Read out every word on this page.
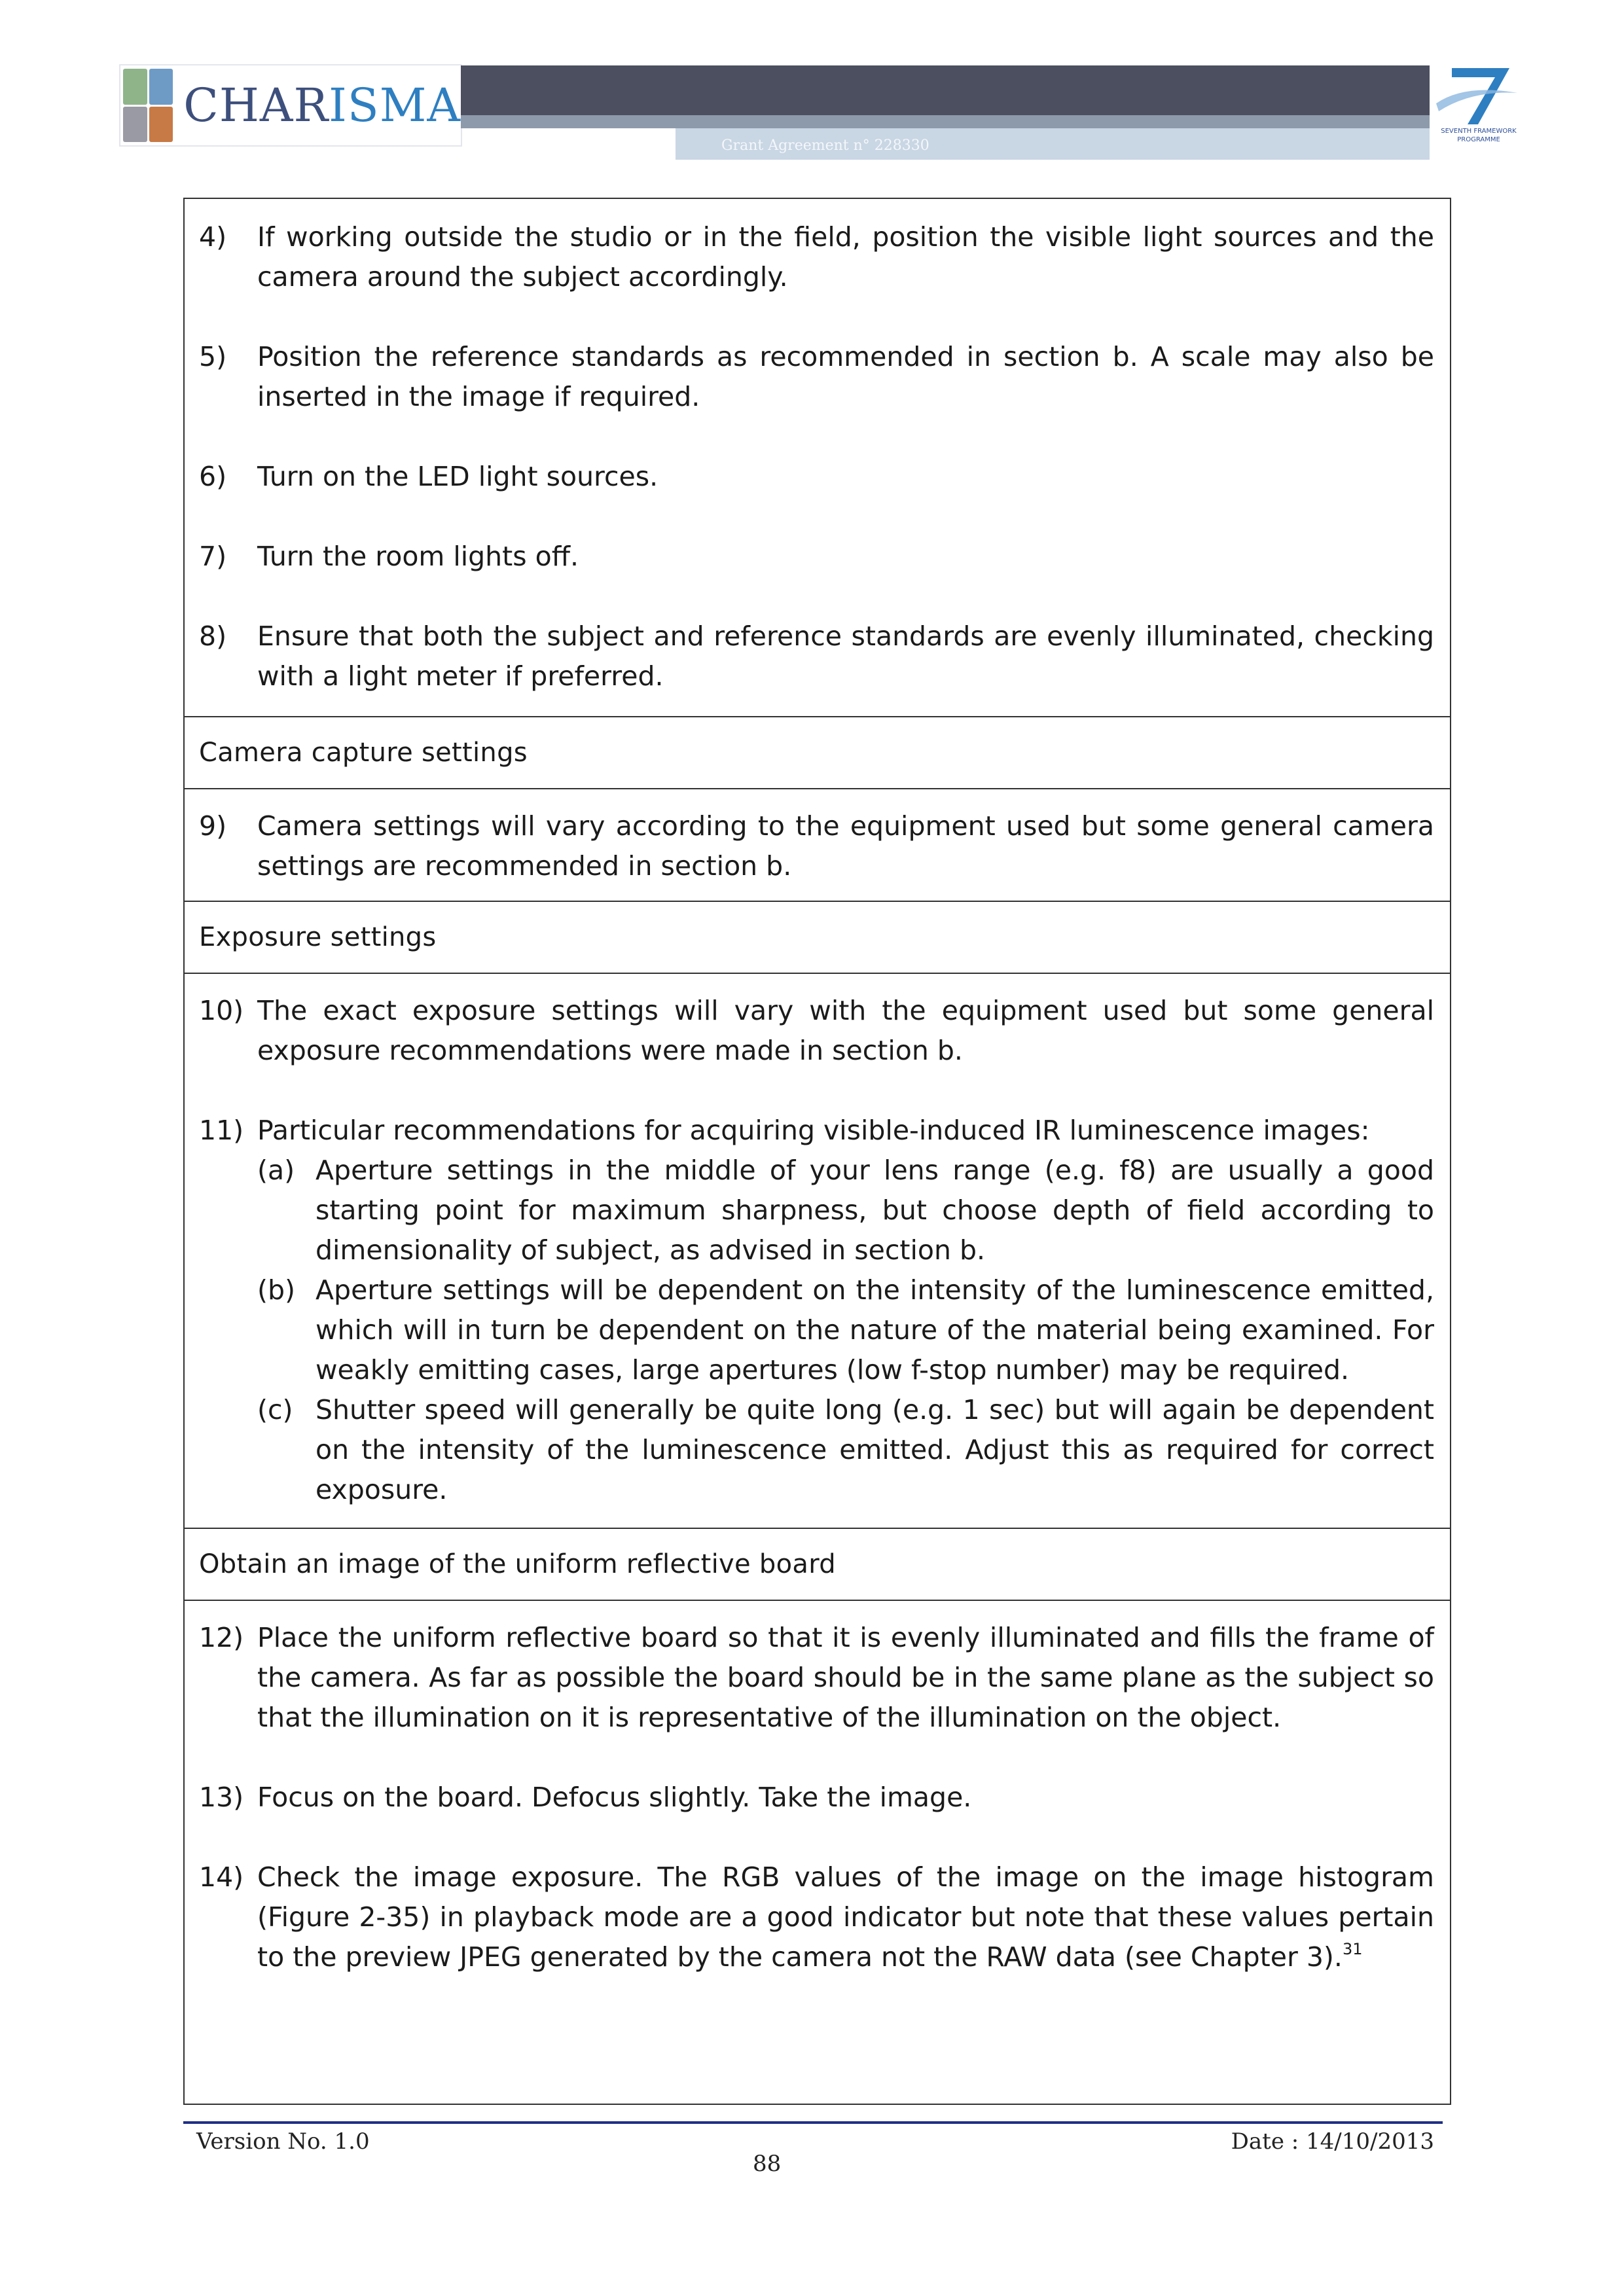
CHARISMA
Grant Agreement n° 228330
SEVENTH FRAMEWORK
PROGRAMME
4)	If working outside the studio or in the field, position the visible light sources and the camera around the subject accordingly.
5)	Position the reference standards as recommended in section b. A scale may also be inserted in the image if required.
6)	Turn on the LED light sources.
7)	Turn the room lights off.
8)	Ensure that both the subject and reference standards are evenly illuminated, checking with a light meter if preferred.
Camera capture settings
9)	Camera settings will vary according to the equipment used but some general camera settings are recommended in section b.
Exposure settings
10) The exact exposure settings will vary with the equipment used but some general exposure recommendations were made in section b.
11) Particular recommendations for acquiring visible-induced IR luminescence images:
(a) Aperture settings in the middle of your lens range (e.g. f8) are usually a good starting point for maximum sharpness, but choose depth of field according to dimensionality of subject, as advised in section b.
(b) Aperture settings will be dependent on the intensity of the luminescence emitted, which will in turn be dependent on the nature of the material being examined. For weakly emitting cases, large apertures (low f-stop number) may be required.
(c) Shutter speed will generally be quite long (e.g. 1 sec) but will again be dependent on the intensity of the luminescence emitted. Adjust this as required for correct exposure.
Obtain an image of the uniform reflective board
12) Place the uniform reflective board so that it is evenly illuminated and fills the frame of the camera. As far as possible the board should be in the same plane as the subject so that the illumination on it is representative of the illumination on the object.
13) Focus on the board. Defocus slightly. Take the image.
14) Check the image exposure. The RGB values of the image on the image histogram (Figure 2-35) in playback mode are a good indicator but note that these values pertain to the preview JPEG generated by the camera not the RAW data (see Chapter 3).$^{31}$
Version No. 1.0
88
Date : 14/10/2013
